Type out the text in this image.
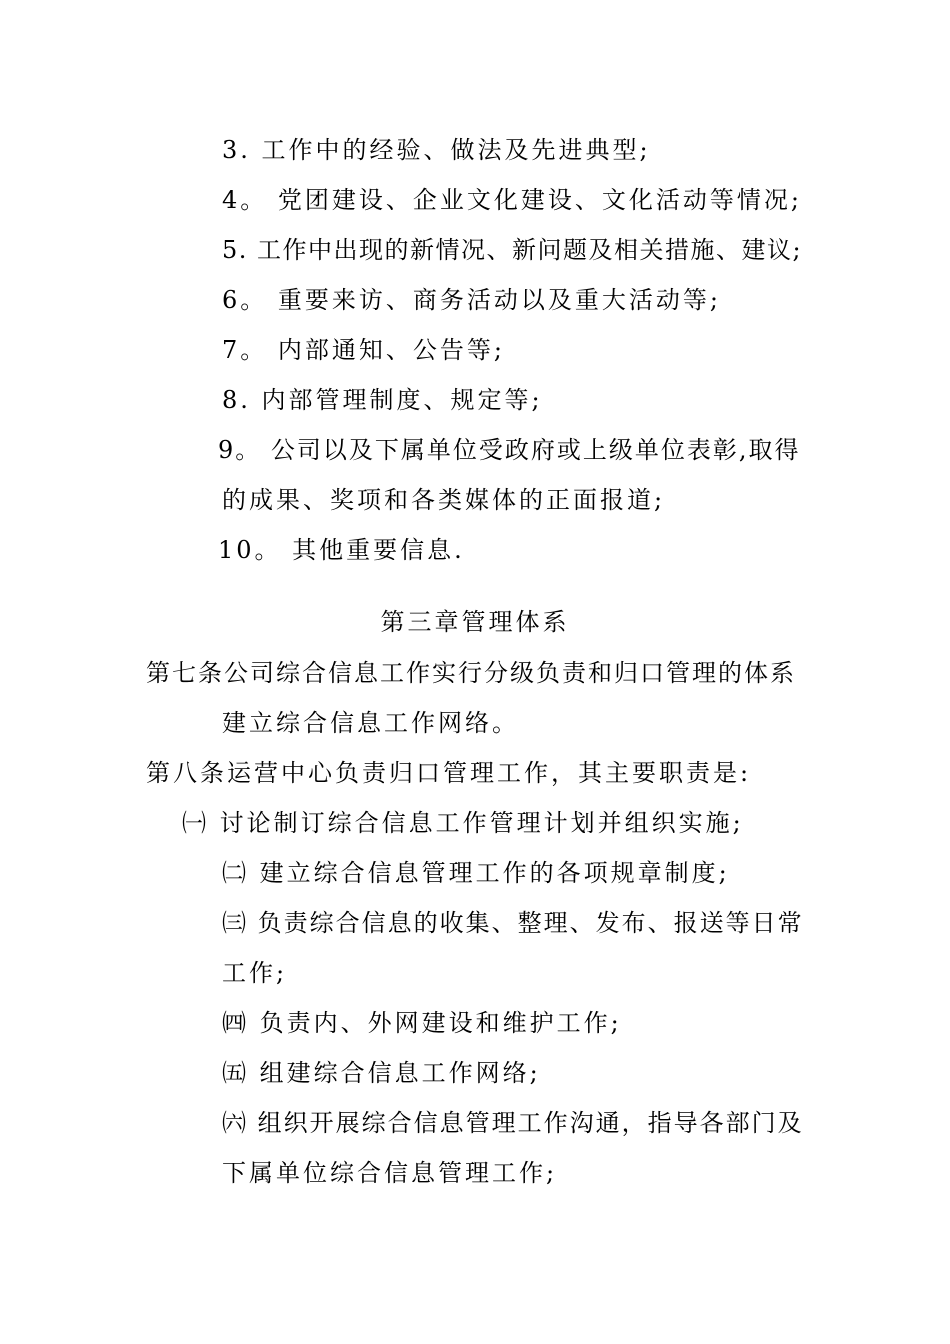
3. 工作中的经验、做法及先进典型;
4。 党团建设、企业文化建设、文化活动等情况;
5. 工作中出现的新情况、新问题及相关措施、建议;
6。 重要来访、商务活动以及重大活动等;
7。 内部通知、公告等;
8. 内部管理制度、规定等;
9。 公司以及下属单位受政府或上级单位表彰,取得
的成果、奖项和各类媒体的正面报道;
10。 其他重要信息.
第三章管理体系
第七条公司综合信息工作实行分级负责和归口管理的体系
建立综合信息工作网络。
第八条运营中心负责归口管理工作，其主要职责是:
㈠ 讨论制订综合信息工作管理计划并组织实施;
㈡ 建立综合信息管理工作的各项规章制度;
㈢ 负责综合信息的收集、整理、发布、报送等日常
工作;
㈣ 负责内、外网建设和维护工作;
㈤ 组建综合信息工作网络;
㈥ 组织开展综合信息管理工作沟通，指导各部门及
下属单位综合信息管理工作;
